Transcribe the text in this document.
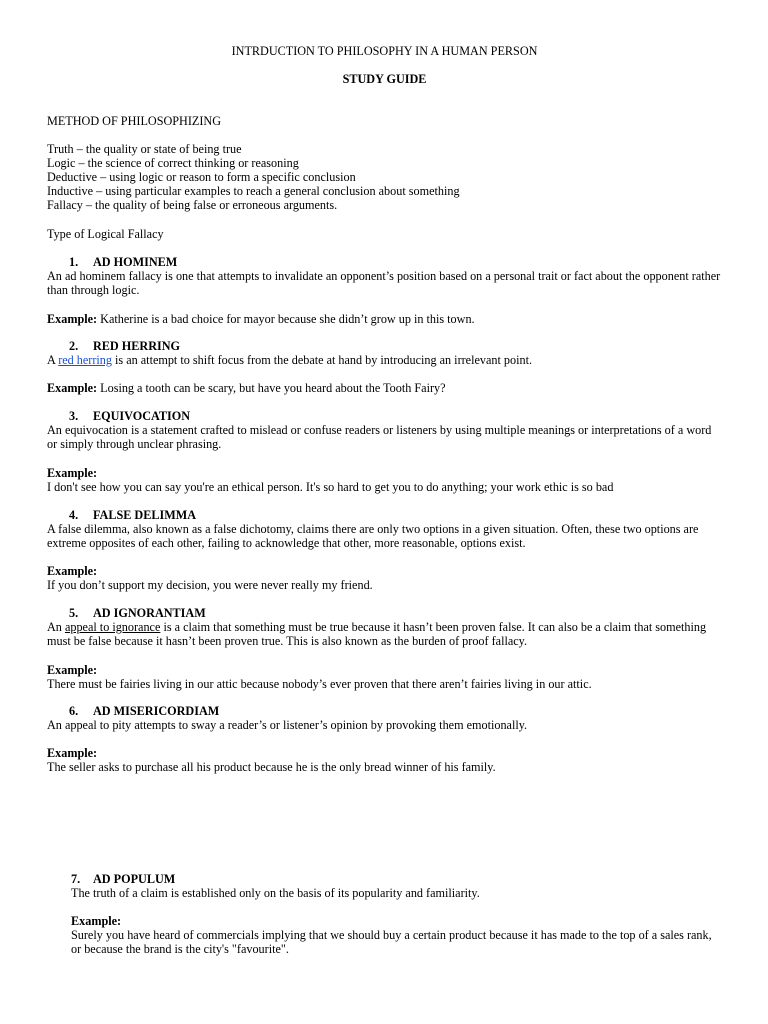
INTRDUCTION TO PHILOSOPHY IN A HUMAN PERSON

STUDY GUIDE

METHOD OF PHILOSOPHIZING

Truth – the quality or state of being true

Logic – the science of correct thinking or reasoning

Deductive – using logic or reason to form a specific conclusion

Inductive – using particular examples to reach a general conclusion about something

Fallacy – the quality of being false or erroneous arguments.

Type of Logical Fallacy

1. AD HOMINEM

An ad hominem fallacy is one that attempts to invalidate an opponent’s position based on a personal trait or fact about the opponent rather than through logic.

Example: Katherine is a bad choice for mayor because she didn’t grow up in this town.

2. RED HERRING

A red herring is an attempt to shift focus from the debate at hand by introducing an irrelevant point.

Example: Losing a tooth can be scary, but have you heard about the Tooth Fairy?

3. EQUIVOCATION

An equivocation is a statement crafted to mislead or confuse readers or listeners by using multiple meanings or interpretations of a word or simply through unclear phrasing.

Example:

I don't see how you can say you're an ethical person. It's so hard to get you to do anything; your work ethic is so bad

4. FALSE DELIMMA

A false dilemma, also known as a false dichotomy, claims there are only two options in a given situation. Often, these two options are extreme opposites of each other, failing to acknowledge that other, more reasonable, options exist.

Example:

If you don’t support my decision, you were never really my friend.

5. AD IGNORANTIAM

An appeal to ignorance is a claim that something must be true because it hasn’t been proven false. It can also be a claim that something must be false because it hasn’t been proven true. This is also known as the burden of proof fallacy.

Example:

There must be fairies living in our attic because nobody’s ever proven that there aren’t fairies living in our attic.

6. AD MISERICORDIAM

An appeal to pity attempts to sway a reader’s or listener’s opinion by provoking them emotionally.

Example:

The seller asks to purchase all his product because he is the only bread winner of his family.

7. AD POPULUM

The truth of a claim is established only on the basis of its popularity and familiarity.

Example:

Surely you have heard of commercials implying that we should buy a certain product because it has made to the top of a sales rank, or because the brand is the city's "favourite".
